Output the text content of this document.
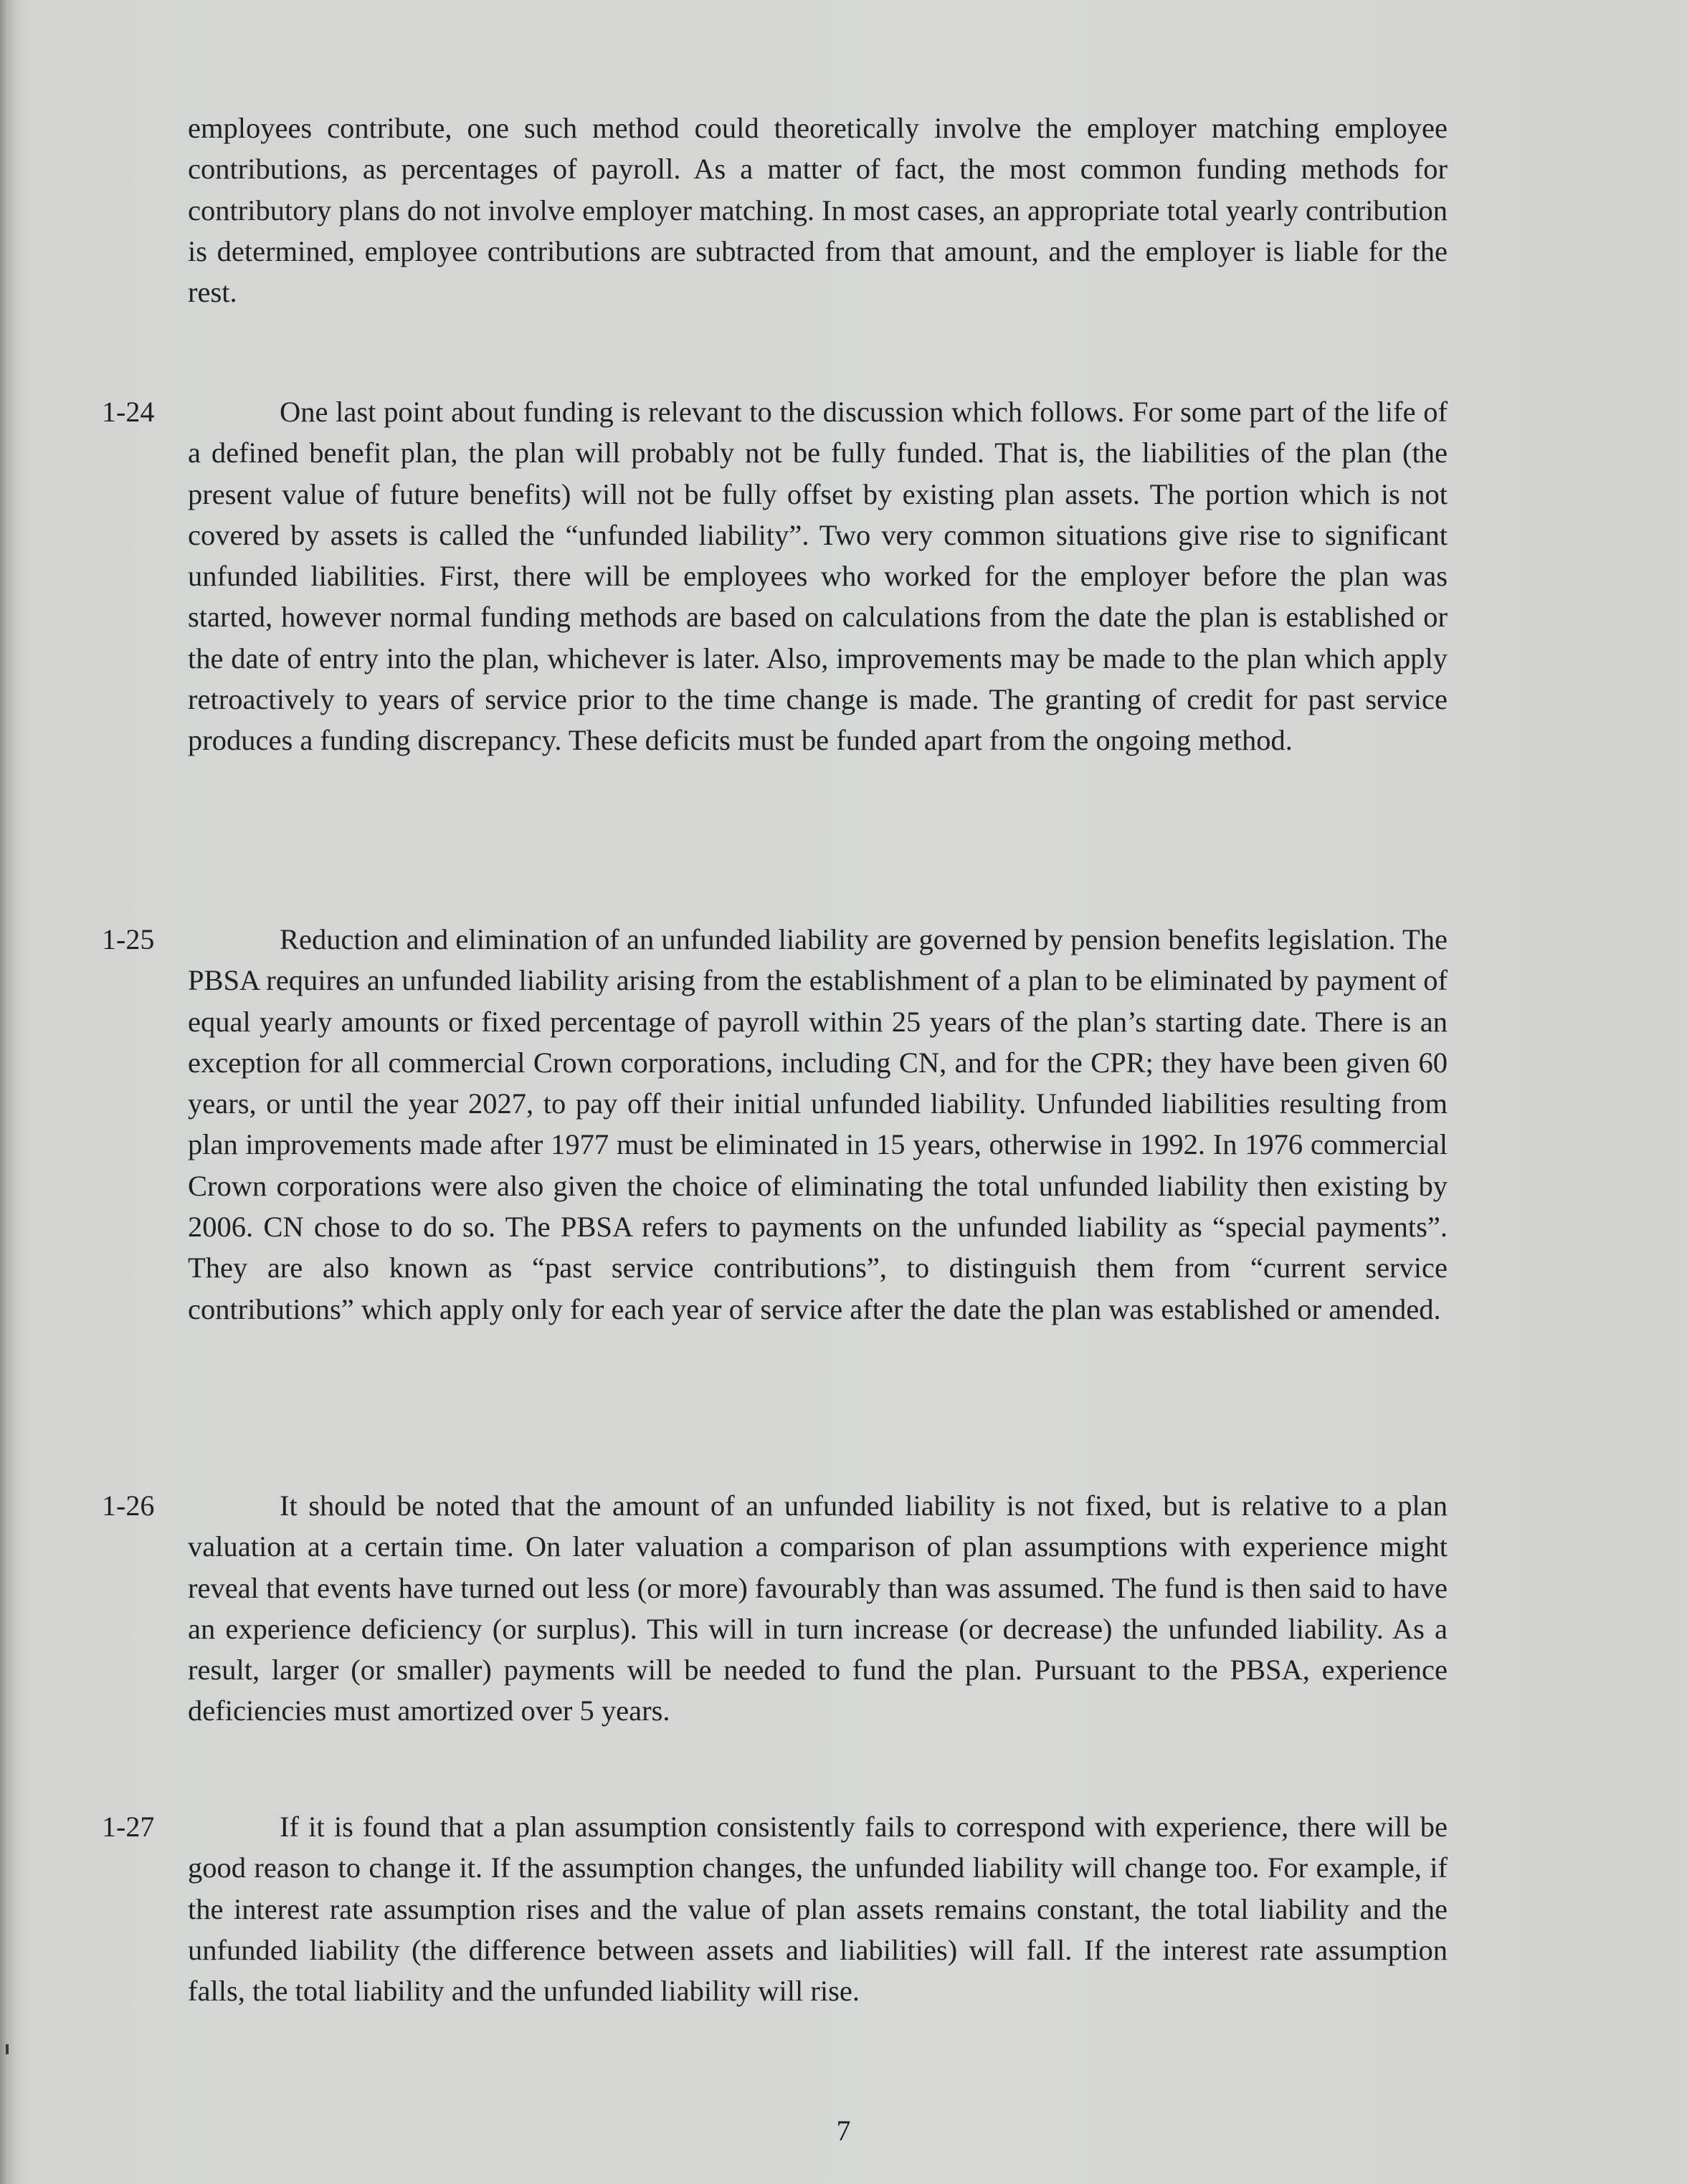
employees contribute, one such method could theoretically involve the employer matching employee contributions, as percentages of payroll. As a matter of fact, the most common funding methods for contributory plans do not involve employer matching. In most cases, an appropriate total yearly contribution is determined, employee contributions are subtracted from that amount, and the employer is liable for the rest.

1-24	One last point about funding is relevant to the discussion which follows. For some part of the life of a defined benefit plan, the plan will probably not be fully funded. That is, the liabilities of the plan (the present value of future benefits) will not be fully offset by existing plan assets. The portion which is not covered by assets is called the “unfunded liability”. Two very common situations give rise to significant unfunded liabilities. First, there will be employees who worked for the employer before the plan was started, however normal funding methods are based on calculations from the date the plan is established or the date of entry into the plan, whichever is later. Also, improvements may be made to the plan which apply retroactively to years of service prior to the time change is made. The granting of credit for past service produces a funding discrepancy. These deficits must be funded apart from the ongoing method.

1-25	Reduction and elimination of an unfunded liability are governed by pension benefits legislation. The PBSA requires an unfunded liability arising from the establishment of a plan to be eliminated by payment of equal yearly amounts or fixed percentage of payroll within 25 years of the plan’s starting date. There is an exception for all commercial Crown corporations, including CN, and for the CPR; they have been given 60 years, or until the year 2027, to pay off their initial unfunded liability. Unfunded liabilities resulting from plan improvements made after 1977 must be eliminated in 15 years, otherwise in 1992. In 1976 commercial Crown corporations were also given the choice of eliminating the total unfunded liability then existing by 2006. CN chose to do so. The PBSA refers to payments on the unfunded liability as “special payments”. They are also known as “past service contributions”, to distinguish them from “current service contributions” which apply only for each year of service after the date the plan was established or amended.

1-26	It should be noted that the amount of an unfunded liability is not fixed, but is relative to a plan valuation at a certain time. On later valuation a comparison of plan assumptions with experience might reveal that events have turned out less (or more) favourably than was assumed. The fund is then said to have an experience deficiency (or surplus). This will in turn increase (or decrease) the unfunded liability. As a result, larger (or smaller) payments will be needed to fund the plan. Pursuant to the PBSA, experience deficiencies must amortized over 5 years.

1-27	If it is found that a plan assumption consistently fails to correspond with experience, there will be good reason to change it. If the assumption changes, the unfunded liability will change too. For example, if the interest rate assumption rises and the value of plan assets remains constant, the total liability and the unfunded liability (the difference between assets and liabilities) will fall. If the interest rate assumption falls, the total liability and the unfunded liability will rise.

7
